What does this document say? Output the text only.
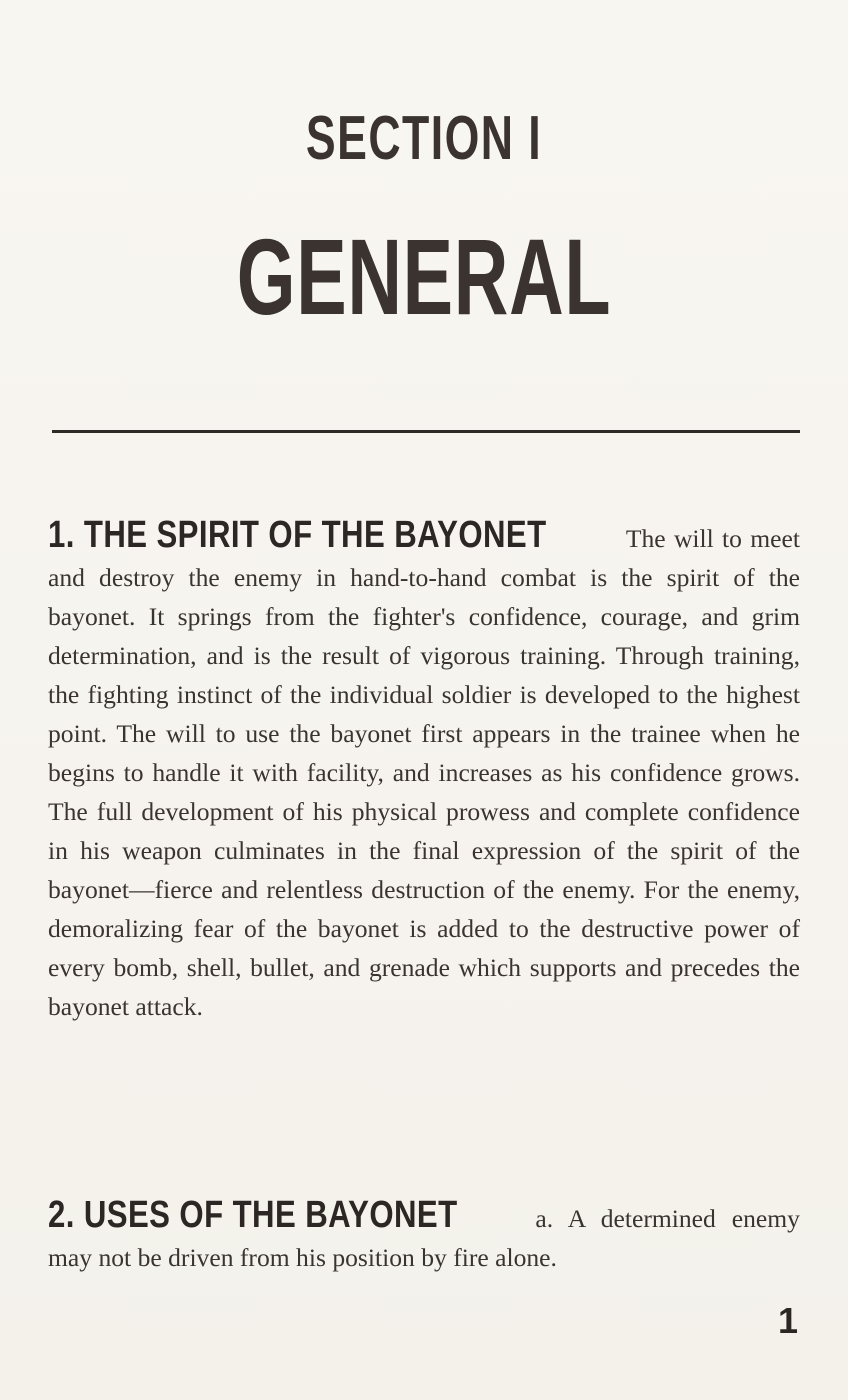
SECTION I
GENERAL

1. THE SPIRIT OF THE BAYONET	The will to meet and destroy the enemy in hand-to-hand combat is the spirit of the bayonet. It springs from the fighter's confidence, courage, and grim determination, and is the result of vigorous training. Through training, the fighting instinct of the individual soldier is developed to the highest point. The will to use the bayonet first appears in the trainee when he begins to handle it with facility, and increases as his confidence grows. The full development of his physical prowess and complete confidence in his weapon culminates in the final expression of the spirit of the bayonet—fierce and relentless destruction of the enemy. For the enemy, demoralizing fear of the bayonet is added to the destructive power of every bomb, shell, bullet, and grenade which supports and precedes the bayonet attack.

2. USES OF THE BAYONET	a. A determined enemy may not be driven from his position by fire alone.

1
